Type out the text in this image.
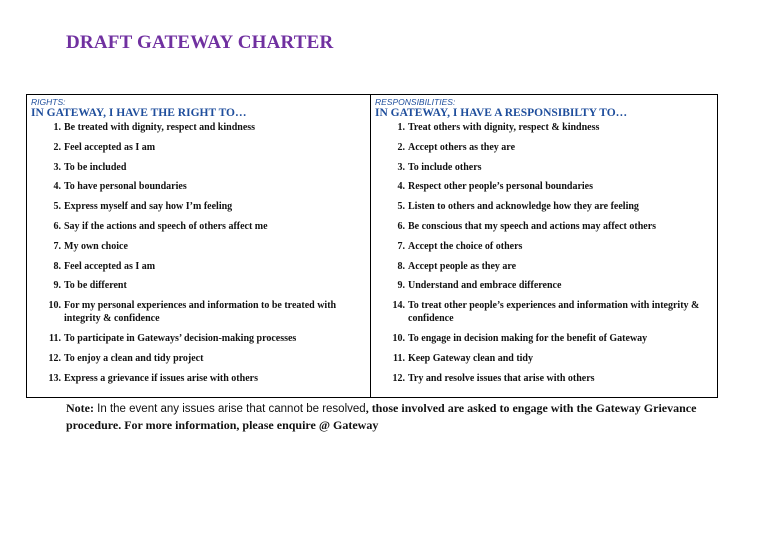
DRAFT GATEWAY CHARTER
RIGHTS:
IN GATEWAY, I HAVE THE RIGHT TO…
1. Be treated with dignity, respect and kindness
2. Feel accepted as I am
3. To be included
4. To have personal boundaries
5. Express myself and say how I’m feeling
6. Say if the actions and speech of others affect me
7. My own choice
8. Feel accepted as I am
9. To be different
10. For my personal experiences and information to be treated with integrity & confidence
11. To participate in Gateways’ decision-making processes
12. To enjoy a clean and tidy project
13. Express a grievance if issues arise with others
RESPONSIBILITIES:
IN GATEWAY, I HAVE A RESPONSIBILTY TO…
1. Treat others with dignity, respect & kindness
2. Accept others as they are
3. To include others
4. Respect other people’s personal boundaries
5. Listen to others and acknowledge how they are feeling
6. Be conscious that my speech and actions may affect others
7. Accept the choice of others
8. Accept people as they are
9. Understand and embrace difference
14. To treat other people’s experiences and information with integrity & confidence
10. To engage in decision making for the benefit of Gateway
11. Keep Gateway clean and tidy
12. Try and resolve issues that arise with others
Note: In the event any issues arise that cannot be resolved, those involved are asked to engage with the Gateway Grievance procedure. For more information, please enquire @ Gateway
